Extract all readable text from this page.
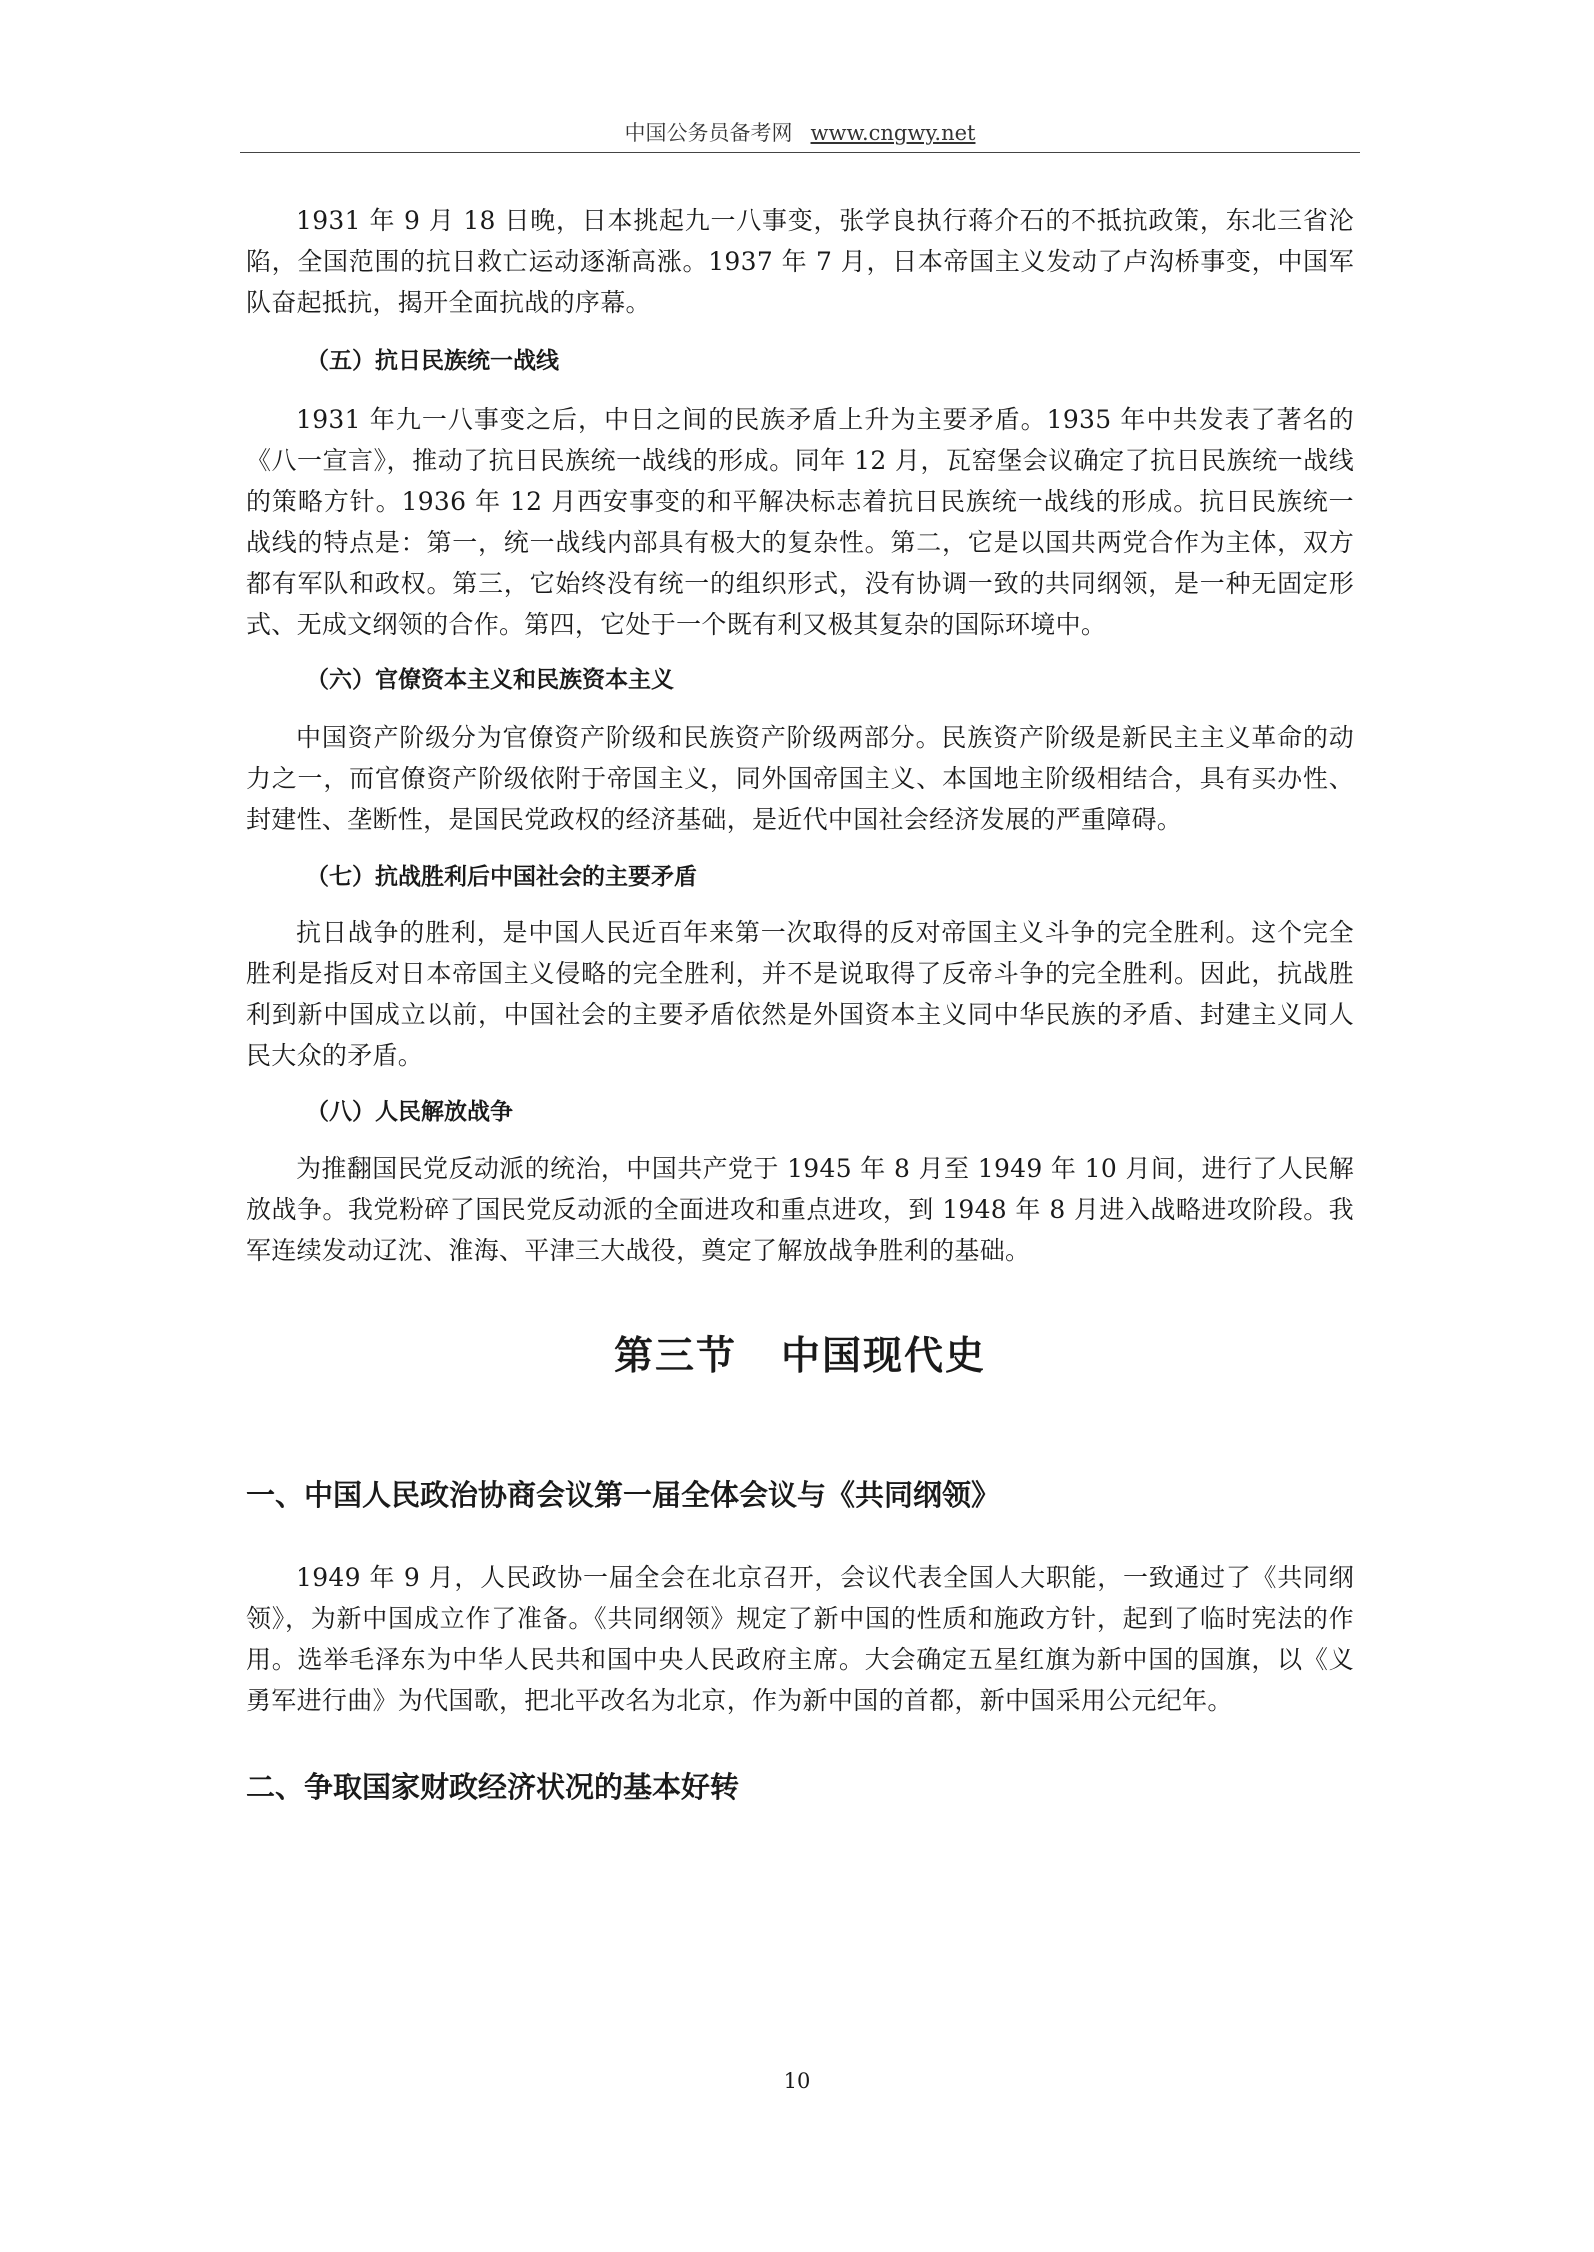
中国公务员备考网 www.cngwy.net

1931 年 9 月 18 日晚，日本挑起九一八事变，张学良执行蒋介石的不抵抗政策，东北三省沦陷，全国范围的抗日救亡运动逐渐高涨。1937 年 7 月，日本帝国主义发动了卢沟桥事变，中国军队奋起抵抗，揭开全面抗战的序幕。

（五）抗日民族统一战线

1931 年九一八事变之后，中日之间的民族矛盾上升为主要矛盾。1935 年中共发表了著名的《八一宣言》，推动了抗日民族统一战线的形成。同年 12 月，瓦窑堡会议确定了抗日民族统一战线的策略方针。1936 年 12 月西安事变的和平解决标志着抗日民族统一战线的形成。抗日民族统一战线的特点是：第一，统一战线内部具有极大的复杂性。第二，它是以国共两党合作为主体，双方都有军队和政权。第三，它始终没有统一的组织形式，没有协调一致的共同纲领，是一种无固定形式、无成文纲领的合作。第四，它处于一个既有利又极其复杂的国际环境中。

（六）官僚资本主义和民族资本主义

中国资产阶级分为官僚资产阶级和民族资产阶级两部分。民族资产阶级是新民主主义革命的动力之一，而官僚资产阶级依附于帝国主义，同外国帝国主义、本国地主阶级相结合，具有买办性、封建性、垄断性，是国民党政权的经济基础，是近代中国社会经济发展的严重障碍。

（七）抗战胜利后中国社会的主要矛盾

抗日战争的胜利，是中国人民近百年来第一次取得的反对帝国主义斗争的完全胜利。这个完全胜利是指反对日本帝国主义侵略的完全胜利，并不是说取得了反帝斗争的完全胜利。因此，抗战胜利到新中国成立以前，中国社会的主要矛盾依然是外国资本主义同中华民族的矛盾、封建主义同人民大众的矛盾。

（八）人民解放战争

为推翻国民党反动派的统治，中国共产党于 1945 年 8 月至 1949 年 10 月间，进行了人民解放战争。我党粉碎了国民党反动派的全面进攻和重点进攻，到 1948 年 8 月进入战略进攻阶段。我军连续发动辽沈、淮海、平津三大战役，奠定了解放战争胜利的基础。

第三节 中国现代史

一、中国人民政治协商会议第一届全体会议与《共同纲领》

1949 年 9 月，人民政协一届全会在北京召开，会议代表全国人大职能，一致通过了《共同纲领》，为新中国成立作了准备。《共同纲领》规定了新中国的性质和施政方针，起到了临时宪法的作用。选举毛泽东为中华人民共和国中央人民政府主席。大会确定五星红旗为新中国的国旗，以《义勇军进行曲》为代国歌，把北平改名为北京，作为新中国的首都，新中国采用公元纪年。

二、争取国家财政经济状况的基本好转

10
